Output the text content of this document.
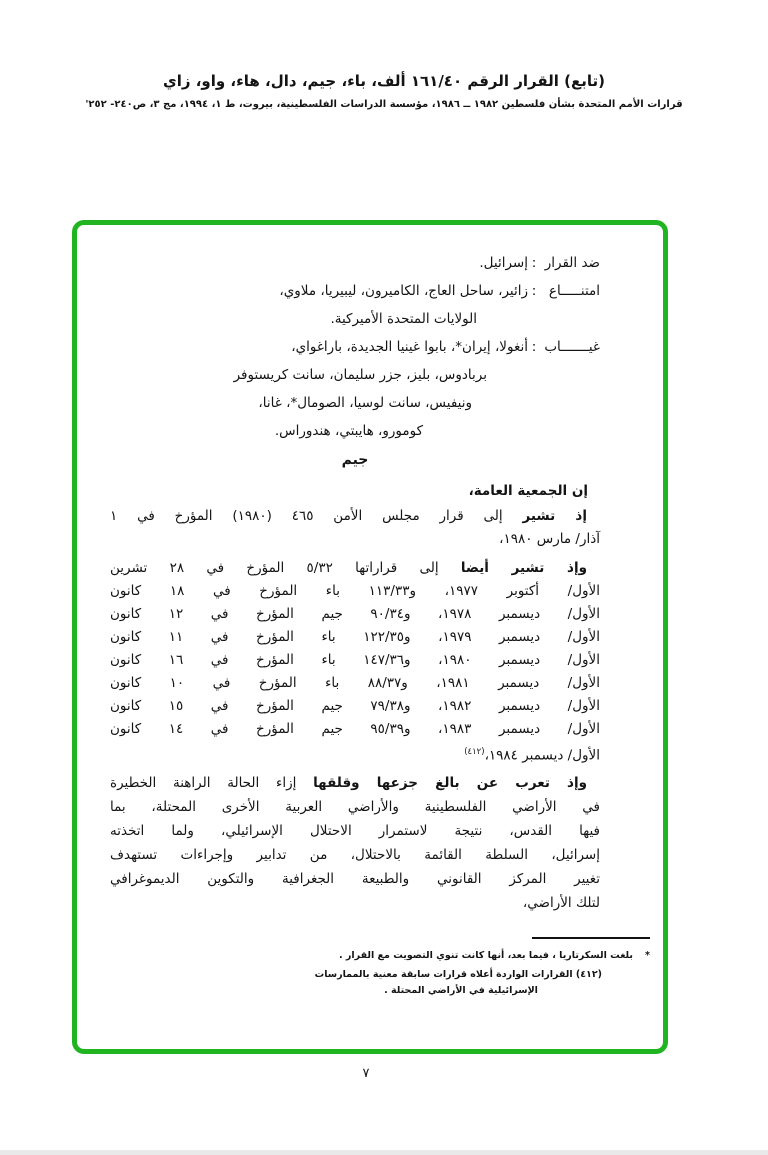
(تابع) القرار الرقم ١٦١/٤٠ ألف، باء، جيم، دال، هاء، واو، زاي
قرارات الأمم المتحدة بشأن فلسطين ١٩٨٢ ــ ١٩٨٦، مؤسسة الدراسات الفلسطينية، بيروت، ط ١، ١٩٩٤، مج ٣، ص٢٤٠- ٢٥٢'
ضد القرار
:
إسرائيل.
امتنـــــاع
:
زائير، ساحل العاج، الكاميرون، ليبيريا، ملاوي،
الولايات المتحدة الأميركية.
غيـــــــاب
:
أنغولا، إيران*، بابوا غينيا الجديدة، باراغواي،
بربادوس، بليز، جزر سليمان، سانت كريستوفر
ونيفيس، سانت لوسيا، الصومال*، غانا،
كومورو، هايبتي، هندوراس.
جيم
إن الجمعية العامة،
إذ تشير إلى قرار مجلس الأمن ٤٦٥ (١٩٨٠) المؤرخ في ١
آذار/ مارس ١٩٨٠،
وإذ تشير أيضا إلى قراراتها ٥/٣٢ المؤرخ في ٢٨ تشرين
الأول/ أكتوبر ١٩٧٧، و١١٣/٣٣ باء المؤرخ في ١٨ كانون
الأول/ ديسمبر ١٩٧٨، و٩٠/٣٤ جيم المؤرخ في ١٢ كانون
الأول/ ديسمبر ١٩٧٩، و١٢٢/٣٥ باء المؤرخ في ١١ كانون
الأول/ ديسمبر ١٩٨٠، و١٤٧/٣٦ باء المؤرخ في ١٦ كانون
الأول/ ديسمبر ١٩٨١، و٨٨/٣٧ باء المؤرخ في ١٠ كانون
الأول/ ديسمبر ١٩٨٢، و٧٩/٣٨ جيم المؤرخ في ١٥ كانون
الأول/ ديسمبر ١٩٨٣، و٩٥/٣٩ جيم المؤرخ في ١٤ كانون
الأول/ ديسمبر ١٩٨٤،$^{(٤١٢)}$
وإذ تعرب عن بالغ جزعها وقلقها إزاء الحالة الراهنة الخطيرة
في الأراضي الفلسطينية والأراضي العربية الأخرى المحتلة، بما
فيها القدس، نتيجة لاستمرار الاحتلال الإسرائيلي، ولما اتخذته
إسرائيل، السلطة القائمة بالاحتلال، من تدابير وإجراءات تستهدف
تغيير المركز القانوني والطبيعة الجغرافية والتكوين الديموغرافي
لتلك الأراضي،
*
بلغت السكرتاريا ، فيما بعد، أنها كانت تنوي التصويت مع القرار .
(٤١٢) القرارات الواردة أعلاه قرارات سابقة معنية بالممارسات
الإسرائيلية في الأراضي المحتلة .
٧
